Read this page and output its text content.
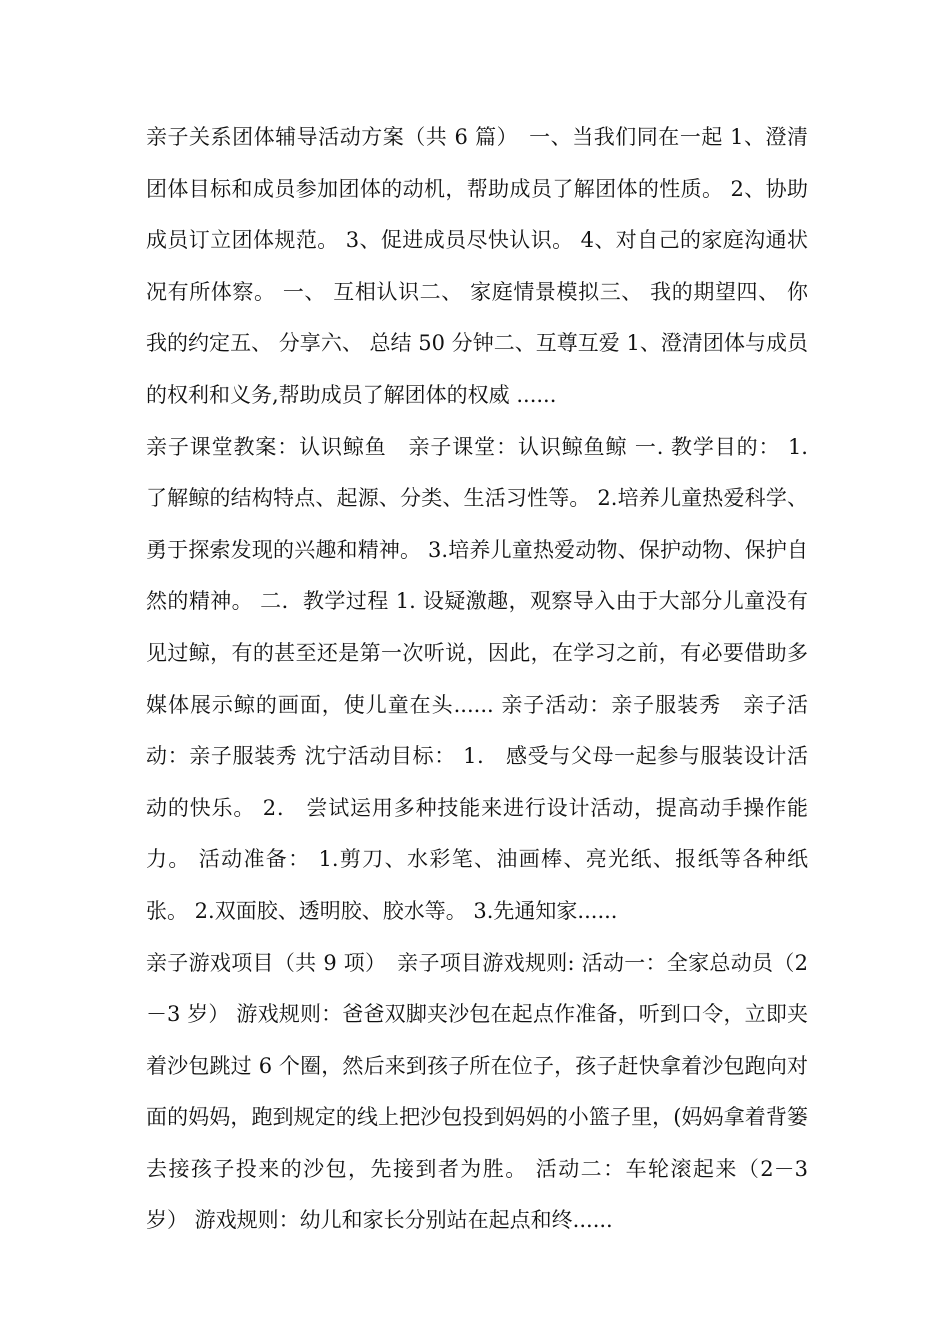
亲子关系团体辅导活动方案（共 6 篇）　一、当我们同在一起 1、澄清团体目标和成员参加团体的动机，帮助成员了解团体的性质。 2、协助成员订立团体规范。 3、促进成员尽快认识。 4、对自己的家庭沟通状况有所体察。 一、 互相认识二、 家庭情景模拟三、 我的期望四、 你我的约定五、 分享六、 总结 50 分钟二、互尊互爱 1、澄清团体与成员的权利和义务,帮助成员了解团体的权威 ......

亲子课堂教案：认识鲸鱼　亲子课堂：认识鲸鱼鲸 一. 教学目的： 1. 了解鲸的结构特点、起源、分类、生活习性等。 2.培养儿童热爱科学、勇于探索发现的兴趣和精神。 3.培养儿童热爱动物、保护动物、保护自然的精神。 二．教学过程 1. 设疑激趣，观察导入由于大部分儿童没有见过鲸，有的甚至还是第一次听说，因此，在学习之前，有必要借助多媒体展示鲸的画面，使儿童在头...... 亲子活动：亲子服装秀　亲子活动：亲子服装秀 沈宁活动目标： 1． 感受与父母一起参与服装设计活动的快乐。 2． 尝试运用多种技能来进行设计活动，提高动手操作能力。 活动准备： 1.剪刀、水彩笔、油画棒、亮光纸、报纸等各种纸张。 2.双面胶、透明胶、胶水等。 3.先通知家......

亲子游戏项目（共 9 项）　亲子项目游戏规则: 活动一：全家总动员（2－3 岁） 游戏规则：爸爸双脚夹沙包在起点作准备，听到口令，立即夹着沙包跳过 6 个圈，然后来到孩子所在位子，孩子赶快拿着沙包跑向对面的妈妈，跑到规定的线上把沙包投到妈妈的小篮子里，(妈妈拿着背篓去接孩子投来的沙包，先接到者为胜。 活动二：车轮滚起来（2－3 岁） 游戏规则：幼儿和家长分别站在起点和终......
